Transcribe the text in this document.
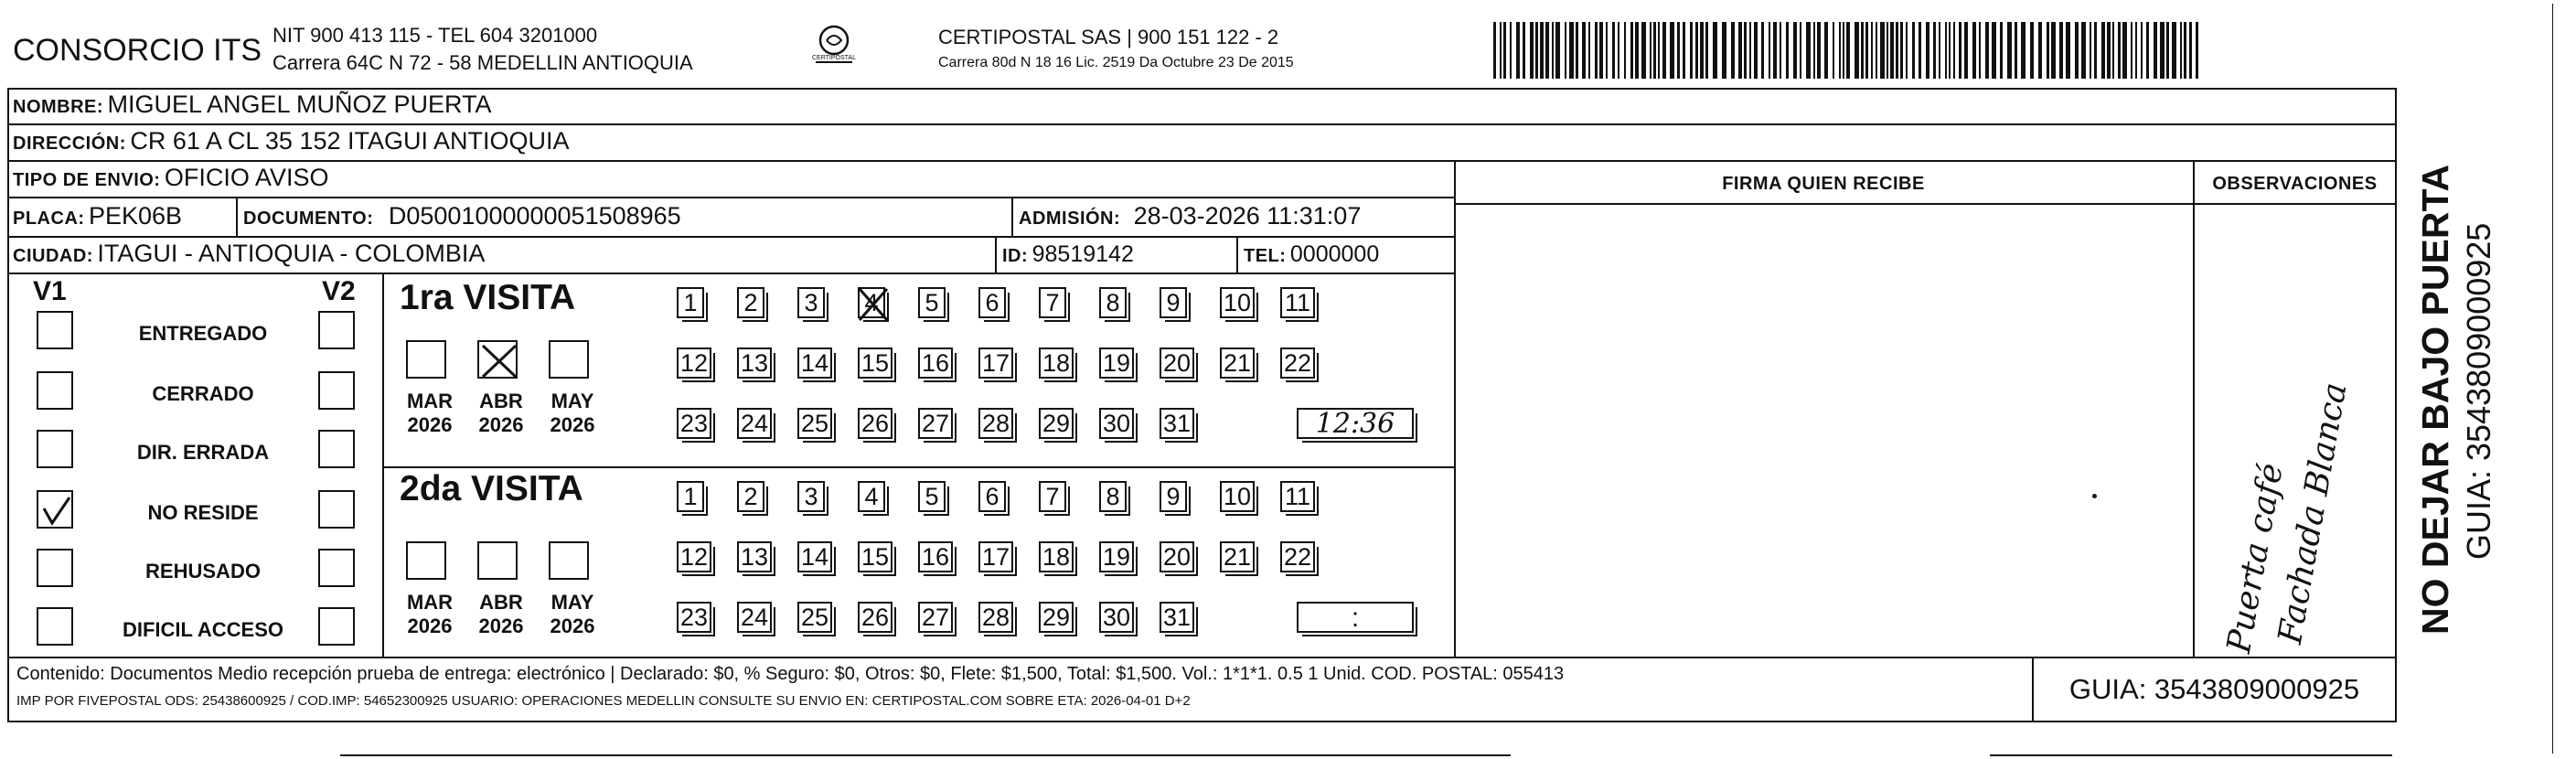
CONSORCIO ITS NIT 900 413 115 - TEL 604 3201000
Carrera 64C N 72 - 58 MEDELLIN ANTIOQUIA	CERTIPOSTAL
CERTIPOSTAL SAS | 900 151 122 - 2
Carrera 80d N 18 16 Lic. 2519 Da Octubre 23 De 2015
NOMBRE: MIGUEL ANGEL MUÑOZ PUERTA
DIRECCIÓN: CR 61 A CL 35 152 ITAGUI ANTIOQUIA
TIPO DE ENVIO: OFICIO AVISO
PLACA: PEK06B	DOCUMENTO: D05001000000051508965	ADMISIÓN: 28-03-2026 11:31:07
CIUDAD: ITAGUI - ANTIOQUIA - COLOMBIA	ID: 98519142	TEL: 0000000
FIRMA QUIEN RECIBE	OBSERVACIONES
Puerta café
Fachada Blanca
V1	V2
ENTREGADO
CERRADO
DIR. ERRADA
NO RESIDE
REHUSADO
DIFICIL ACCESO
1ra VISITA
MAR
2026
ABR
2026
MAY
2026
1 2 3 4 5 6 7 8 9 10 11
12 13 14 15 16 17 18 19 20 21 22
23 24 25 26 27 28 29 30 31	12:36
2da VISITA
MAR
2026
ABR
2026
MAY
2026
1 2 3 4 5 6 7 8 9 10 11
12 13 14 15 16 17 18 19 20 21 22
23 24 25 26 27 28 29 30 31	:
Contenido: Documentos Medio recepción prueba de entrega: electrónico | Declarado: $0, % Seguro: $0, Otros: $0, Flete: $1,500, Total: $1,500. Vol.: 1*1*1. 0.5 1 Unid. COD. POSTAL: 055413
IMP POR FIVEPOSTAL ODS: 25438600925 / COD.IMP: 54652300925 USUARIO: OPERACIONES MEDELLIN CONSULTE SU ENVIO EN: CERTIPOSTAL.COM SOBRE ETA: 2026-04-01 D+2	GUIA: 3543809000925
NO DEJAR BAJO PUERTA GUIA: 3543809000925
